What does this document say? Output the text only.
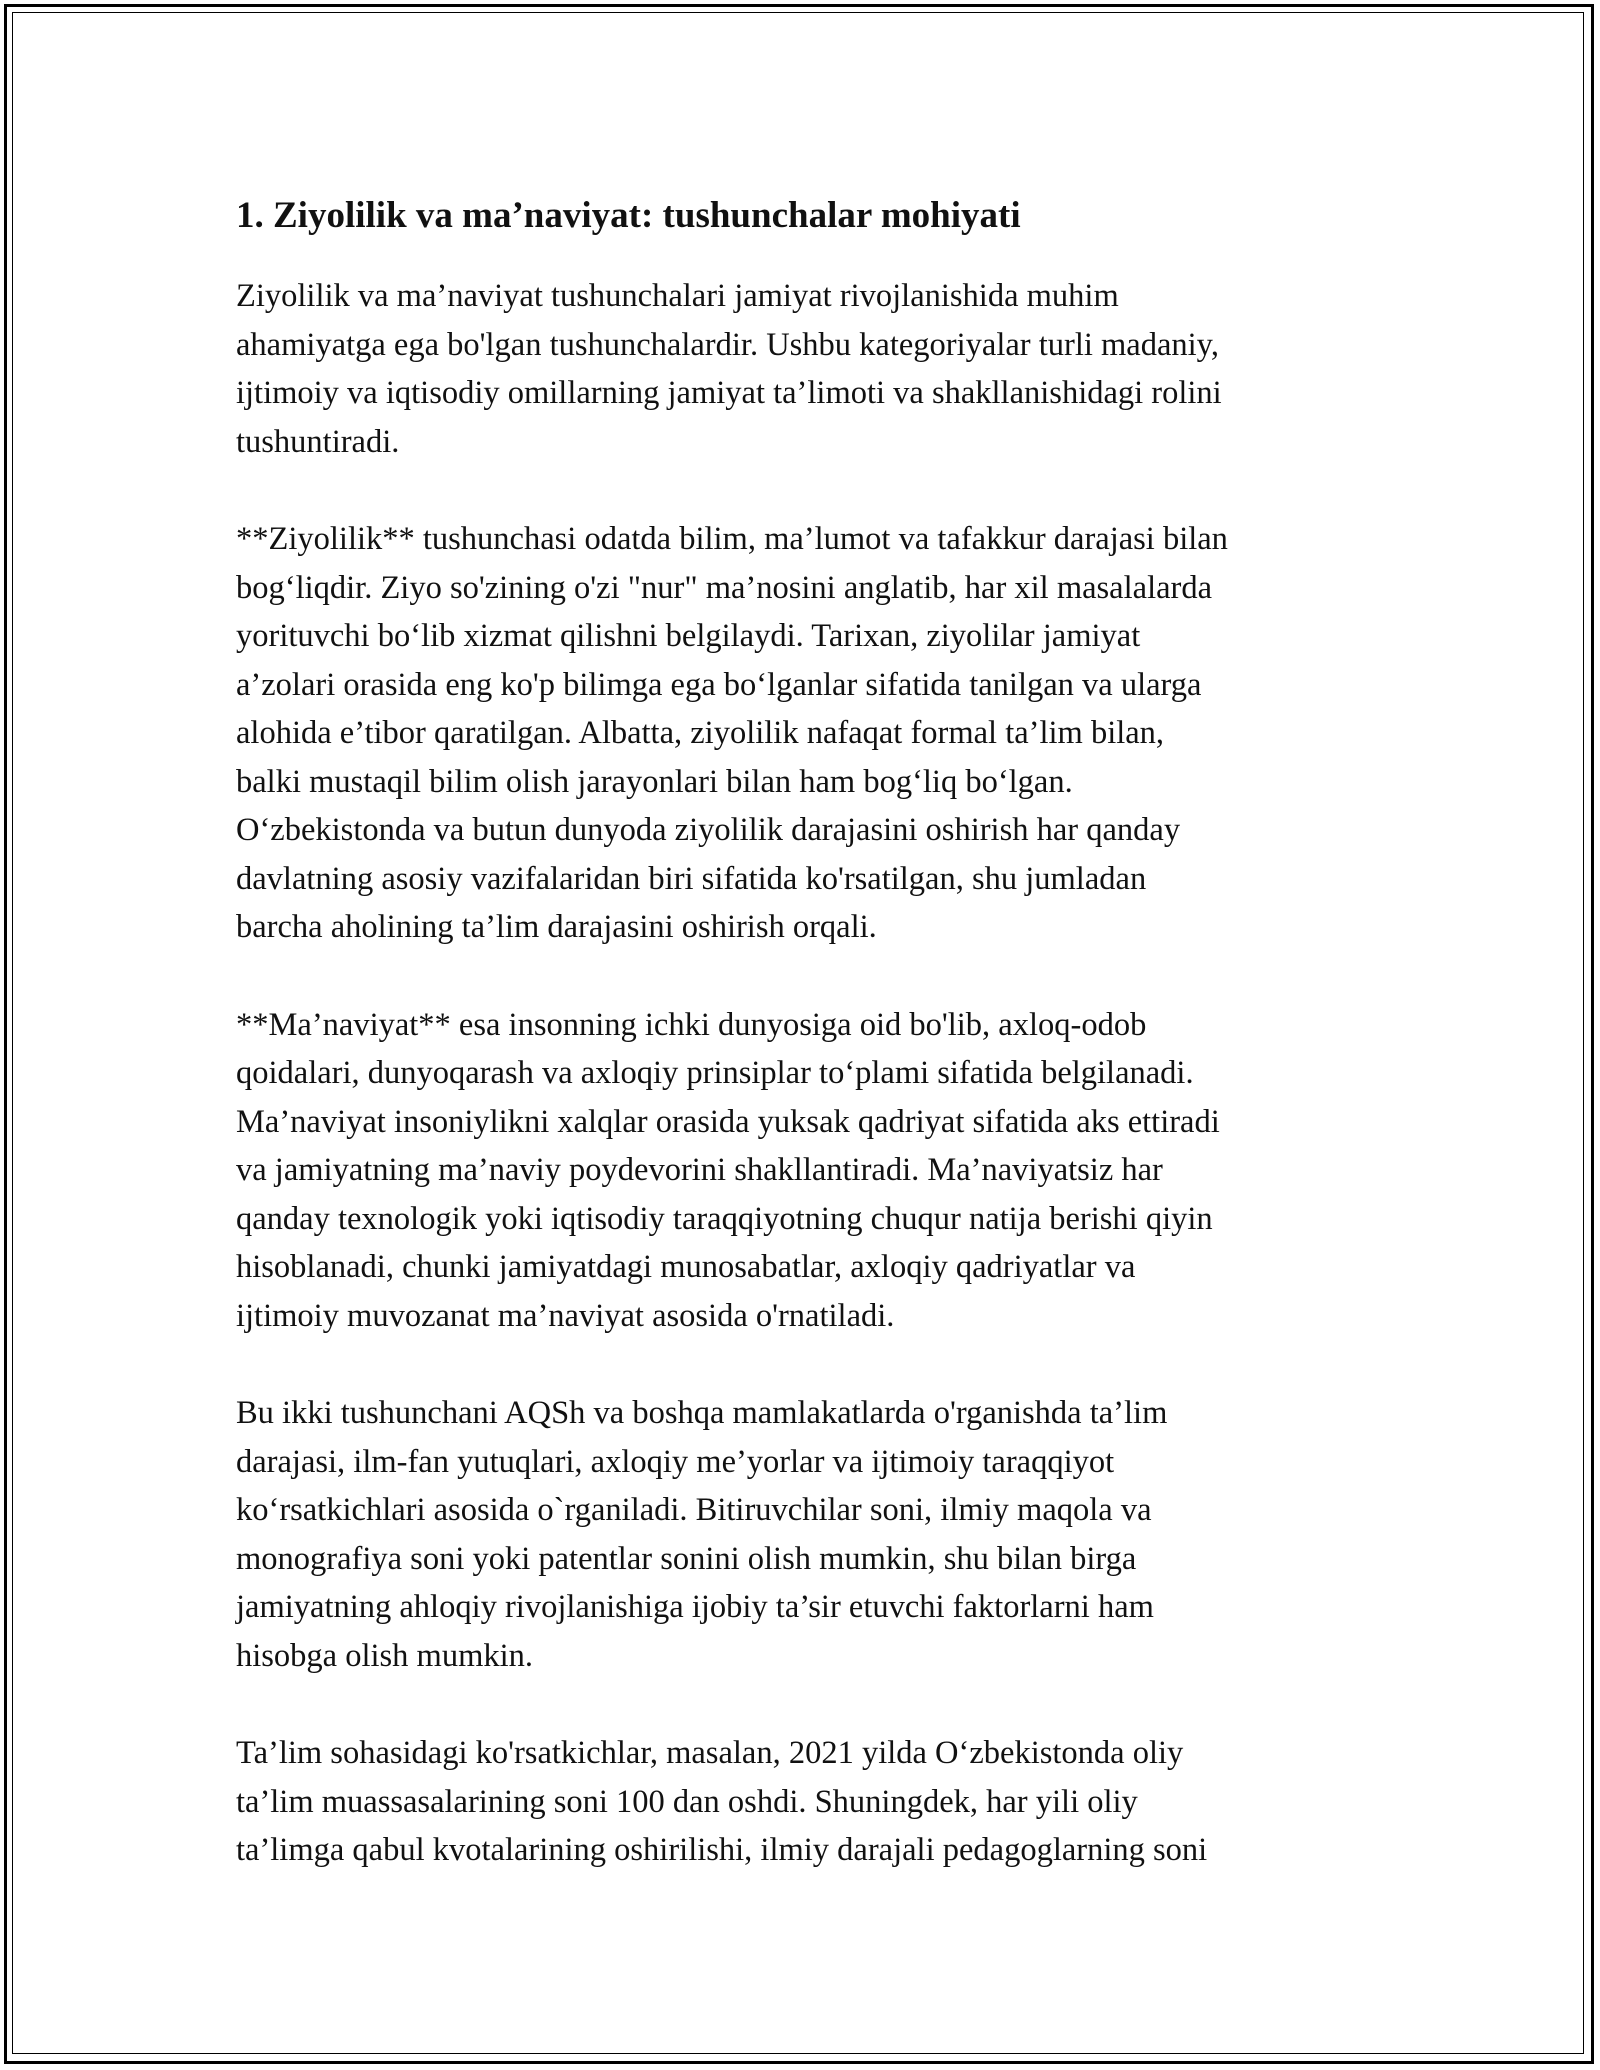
1. Ziyolilik va ma’naviyat: tushunchalar mohiyati

Ziyolilik va ma’naviyat tushunchalari jamiyat rivojlanishida muhim
ahamiyatga ega bo'lgan tushunchalardir. Ushbu kategoriyalar turli madaniy,
ijtimoiy va iqtisodiy omillarning jamiyat ta’limoti va shakllanishidagi rolini
tushuntiradi.

**Ziyolilik** tushunchasi odatda bilim, ma’lumot va tafakkur darajasi bilan
bog‘liqdir. Ziyo so'zining o'zi "nur" ma’nosini anglatib, har xil masalalarda
yorituvchi bo‘lib xizmat qilishni belgilaydi. Tarixan, ziyolilar jamiyat
a’zolari orasida eng ko'p bilimga ega bo‘lganlar sifatida tanilgan va ularga
alohida e’tibor qaratilgan. Albatta, ziyolilik nafaqat formal ta’lim bilan,
balki mustaqil bilim olish jarayonlari bilan ham bog‘liq bo‘lgan.
O‘zbekistonda va butun dunyoda ziyolilik darajasini oshirish har qanday
davlatning asosiy vazifalaridan biri sifatida ko'rsatilgan, shu jumladan
barcha aholining ta’lim darajasini oshirish orqali.

**Ma’naviyat** esa insonning ichki dunyosiga oid bo'lib, axloq-odob
qoidalari, dunyoqarash va axloqiy prinsiplar to‘plami sifatida belgilanadi.
Ma’naviyat insoniylikni xalqlar orasida yuksak qadriyat sifatida aks ettiradi
va jamiyatning ma’naviy poydevorini shakllantiradi. Ma’naviyatsiz har
qanday texnologik yoki iqtisodiy taraqqiyotning chuqur natija berishi qiyin
hisoblanadi, chunki jamiyatdagi munosabatlar, axloqiy qadriyatlar va
ijtimoiy muvozanat ma’naviyat asosida o'rnatiladi.

Bu ikki tushunchani AQSh va boshqa mamlakatlarda o'rganishda ta’lim
darajasi, ilm-fan yutuqlari, axloqiy me’yorlar va ijtimoiy taraqqiyot
ko‘rsatkichlari asosida o`rganiladi. Bitiruvchilar soni, ilmiy maqola va
monografiya soni yoki patentlar sonini olish mumkin, shu bilan birga
jamiyatning ahloqiy rivojlanishiga ijobiy ta’sir etuvchi faktorlarni ham
hisobga olish mumkin.

Ta’lim sohasidagi ko'rsatkichlar, masalan, 2021 yilda O‘zbekistonda oliy
ta’lim muassasalarining soni 100 dan oshdi. Shuningdek, har yili oliy
ta’limga qabul kvotalarining oshirilishi, ilmiy darajali pedagoglarning soni
